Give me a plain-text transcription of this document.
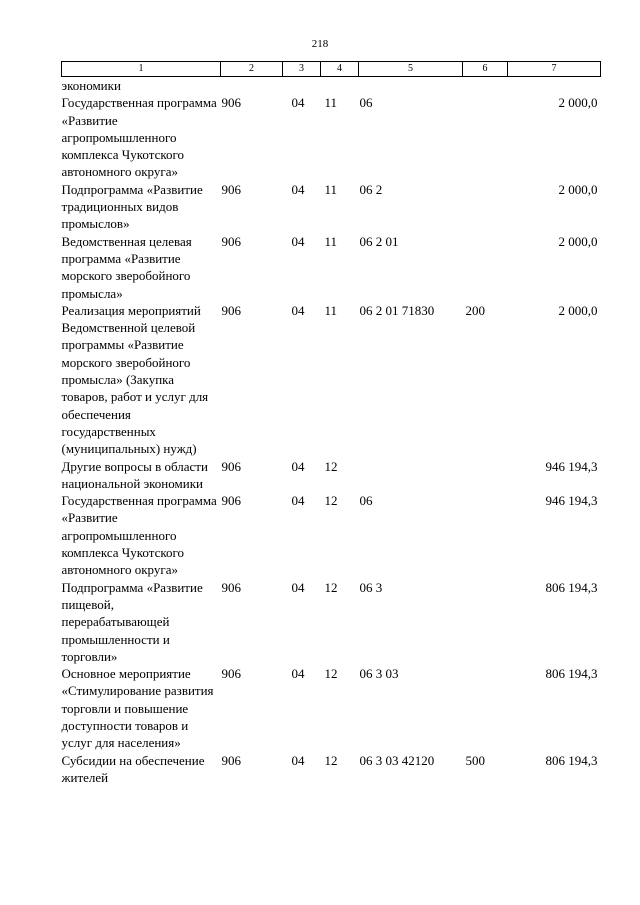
218
1	2	3	4	5	6	7
экономики						
Государственная программа «Развитие агропромышленного комплекса Чукотского автономного округа»	906	04	11	06		2 000,0
Подпрограмма «Развитие традиционных видов промыслов»	906	04	11	06 2		2 000,0
Ведомственная целевая программа «Развитие морского зверобойного промысла»	906	04	11	06 2 01		2 000,0
Реализация мероприятий Ведомственной целевой программы «Развитие морского зверобойного промысла» (Закупка товаров, работ и услуг для обеспечения государственных (муниципальных) нужд)	906	04	11	06 2 01 71830	200	2 000,0
Другие вопросы в области национальной экономики	906	04	12			946 194,3
Государственная программа «Развитие агропромышленного комплекса Чукотского автономного округа»	906	04	12	06		946 194,3
Подпрограмма «Развитие пищевой, перерабатывающей промышленности и торговли»	906	04	12	06 3		806 194,3
Основное мероприятие «Стимулирование развития торговли и повышение доступности товаров и услуг для населения»	906	04	12	06 3 03		806 194,3
Субсидии на обеспечение жителей	906	04	12	06 3 03 42120	500	806 194,3
